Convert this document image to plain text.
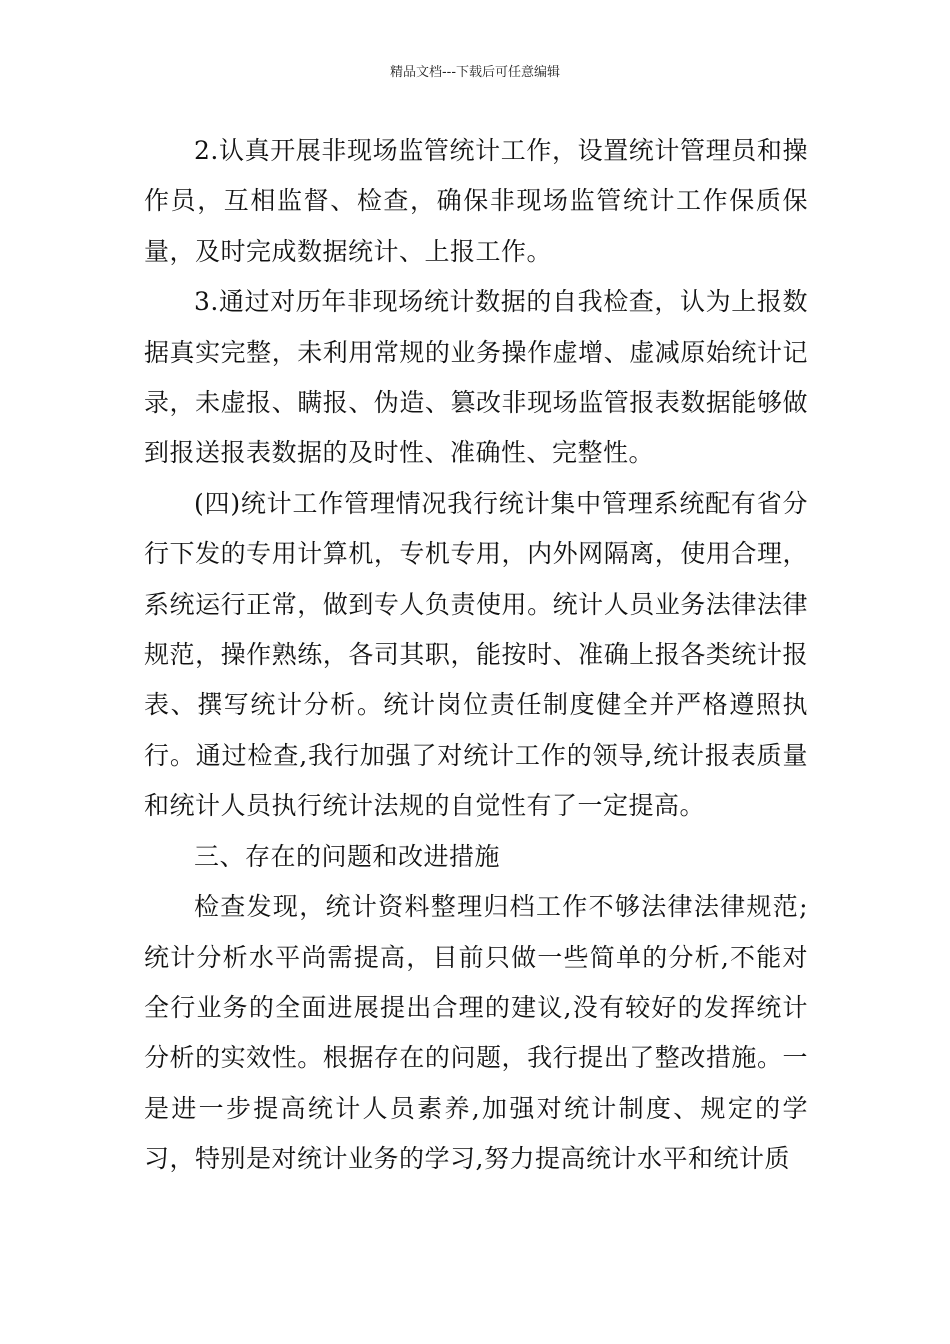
精品文档---下载后可任意编辑

2.认真开展非现场监管统计工作，设置统计管理员和操作员，互相监督、检查，确保非现场监管统计工作保质保量，及时完成数据统计、上报工作。

3.通过对历年非现场统计数据的自我检查，认为上报数据真实完整，未利用常规的业务操作虚增、虚减原始统计记录，未虚报、瞒报、伪造、篡改非现场监管报表数据能够做到报送报表数据的及时性、准确性、完整性。

(四)统计工作管理情况我行统计集中管理系统配有省分行下发的专用计算机，专机专用，内外网隔离，使用合理，系统运行正常，做到专人负责使用。统计人员业务法律法律规范，操作熟练，各司其职，能按时、准确上报各类统计报表、撰写统计分析。统计岗位责任制度健全并严格遵照执行。通过检查,我行加强了对统计工作的领导,统计报表质量和统计人员执行统计法规的自觉性有了一定提高。

三、存在的问题和改进措施

检查发现，统计资料整理归档工作不够法律法律规范;统计分析水平尚需提高，目前只做一些简单的分析,不能对全行业务的全面进展提出合理的建议,没有较好的发挥统计分析的实效性。根据存在的问题，我行提出了整改措施。一是进一步提高统计人员素养,加强对统计制度、规定的学习，特别是对统计业务的学习,努力提高统计水平和统计质
